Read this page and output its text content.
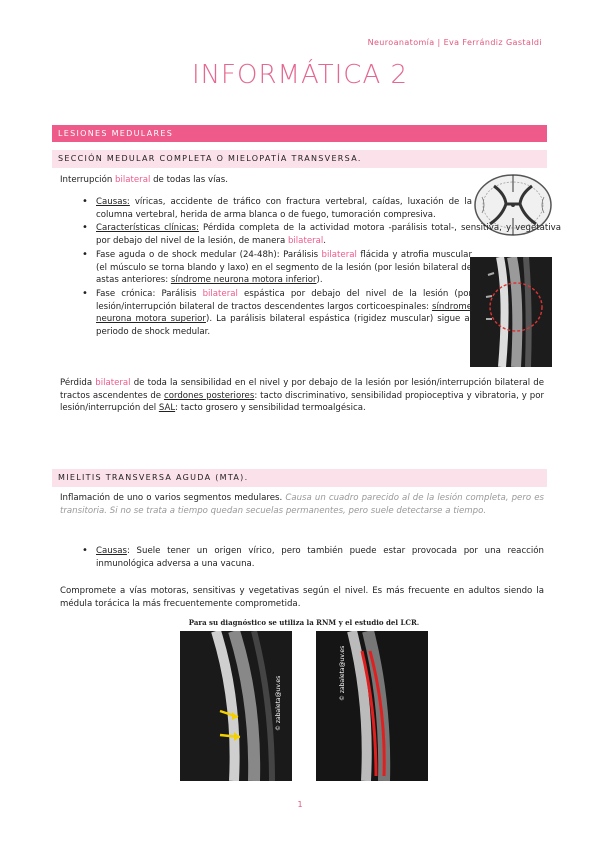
Neuroanatomía | Eva Ferrándiz Gastaldi
INFORMÁTICA 2
LESIONES MEDULARES
SECCIÓN MEDULAR COMPLETA O MIELOPATÍA TRANSVERSA.
Interrupción bilateral de todas las vías.
• Causas: víricas, accidente de tráfico con fractura vertebral, caídas, luxación de la columna vertebral, herida de arma blanca o de fuego, tumoración compresiva.
• Características clínicas: Pérdida completa de la actividad motora -parálisis total-, sensitiva, y vegetativa por debajo del nivel de la lesión, de manera bilateral.
• Fase aguda o de shock medular (24-48h): Parálisis bilateral flácida y atrofia muscular (el músculo se torna blando y laxo) en el segmento de la lesión (por lesión bilateral de astas anteriores: síndrome neurona motora inferior).
• Fase crónica: Parálisis bilateral espástica por debajo del nivel de la lesión (por lesión/interrupción bilateral de tractos descendentes largos corticoespinales: síndrome neurona motora superior). La parálisis bilateral espástica (rigidez muscular) sigue al periodo de shock medular.
Pérdida bilateral de toda la sensibilidad en el nivel y por debajo de la lesión por lesión/interrupción bilateral de tractos ascendentes de cordones posteriores: tacto discriminativo, sensibilidad propioceptiva y vibratoria, y por lesión/interrupción del SAL: tacto grosero y sensibilidad termoalgésica.
MIELITIS TRANSVERSA AGUDA (MTA).
Inflamación de uno o varios segmentos medulares. Causa un cuadro parecido al de la lesión completa, pero es transitoria. Si no se trata a tiempo quedan secuelas permanentes, pero suele detectarse a tiempo.
• Causas: Suele tener un origen vírico, pero también puede estar provocada por una reacción inmunológica adversa a una vacuna.
Compromete a vías motoras, sensitivas y vegetativas según el nivel. Es más frecuente en adultos siendo la médula torácica la más frecuentemente comprometida.
Para su diagnóstico se utiliza la RNM y el estudio del LCR.
© zabaleta@uv.es
© zabaleta@uv.es
1
